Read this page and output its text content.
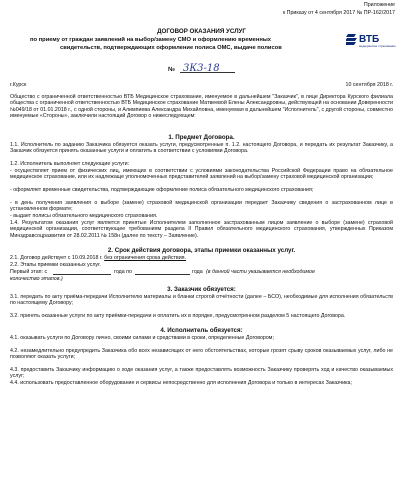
Приложение
к Приказу от 4 сентября 2017 № ПР-162/2017
ВТБ
медицинское страхование
ДОГОВОР ОКАЗАНИЯ УСЛУГ
по приему от граждан заявлений на выбор/замену СМО и оформлению временных
свидетельств, подтверждающих оформление полиса ОМС, выдаче полисов
№ 3К3-18
г.Курск	10 сентября 2018 г.
Общество с ограниченной ответственностью ВТБ Медицинское страхование, именуемое в дальнейшем "Заказчик", в лице Директора Курского филиала общества с ограниченной ответственностью ВТБ Медицинское страхование Матвеевой Елены Александровны, действующей на основании Доверенности №049/18 от 01.01.2018 г., с одной стороны, и Алимпиева Александра Михайловна, именуемая в дальнейшем "Исполнитель", с другой стороны, совместно именуемые «Стороны», заключили настоящий Договор о нижеследующем:
1. Предмет Договора.
1.1. Исполнитель по заданию Заказчика обязуется оказать услуги, предусмотренные п. 1.2. настоящего Договора, и передать их результат Заказчику, а Заказчик обязуется принять оказанные услуги и оплатить в соответствии с условиями Договора.
1.2. Исполнитель выполняет следующие услуги:
- осуществляет прием от физических лиц, имеющих в соответствии с условиями законодательства Российской Федерации право на обязательное медицинское страхование, или их надлежаще уполномоченных представителей заявлений на выбор/замену страховой медицинской организации;
- оформляет временные свидетельства, подтверждающие оформление полиса обязательного медицинского страхования;
- в день получения заявления о выборе (замене) страховой медицинской организации передает Заказчику сведения о застрахованном лице в установленном формате;
- выдает полисы обязательного медицинского страхования.
1.4. Результатом оказания услуг является принятые Исполнителем заполненное застрахованным лицом заявление о выборе (замене) страховой медицинской организации, соответствующее требованиям раздела II Правил обязательного медицинского страхования, утвержденных Приказом Минздравсоцразвития от 28.02.2011 № 158н (далее по тексту – Заявление).
2. Срок действия договора, этапы приемки оказанных услуг.
2.1. Договор действует с 10.09.2018 г. без ограничения срока действия.
2.2. Этапы приемки оказанных услуг.
Первый этап: с	года по	года (в данной части указывается необходимое
количество этапов.)
3. Заказчик обязуется:
3.1. передать по акту приёма-передачи Исполнителю материалы и бланки строгой отчётности (далее – БСО), необходимые для исполнения обязательств по настоящему Договору;
3.2. принять оказанные услуги по акту приёмки-передачи и оплатить их в порядке, предусмотренном разделом 5 настоящего Договора.
4. Исполнитель обязуется:
4.1. оказывать услуги по Договору лично, своими силами и средствами в сроки, определенные Договором;
4.2. незамедлительно предупредить Заказчика обо всех независящих от него обстоятельствах, которые грозят срыву сроков оказываемых услуг, либо не позволяют оказать услуги;
4.3. предоставить Заказчику информацию о ходе оказания услуг, а также предоставлять возможность Заказчику проверять ход и качество оказываемых услуг;
4.4. использовать предоставленное оборудование и сервисы непосредственно для исполнения Договора и только в интересах Заказчика;
